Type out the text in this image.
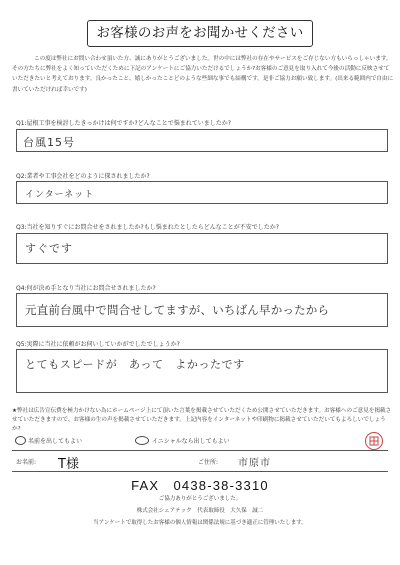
お客様のお声をお聞かせください
この度は弊社にお問い合わせ頂いた方、誠にありがとうございました。世の中には弊社の存在やサービスをご存じない方もいらっしゃいます。その方たちに弊社をよく知っていただくために下記のアンケートにご協力いただけるでしょうか?お客様のご意見を取り入れて今後の活動に反映させていただきたいと考えております。良かったこと、嬉しかったことどのような些細な事でも結構です。是非ご協力お願い致します。(出来る範囲内で自由に書いていただければ幸いです)
Q1:屋根工事を検討したきっかけは何ですか?どんなことで悩まれていましたか?
台風15号
Q2:業者や工事会社をどのように探されましたか?
インターネット
Q3:当社を知りすぐにお問合せをされましたか?もし悩まれたとしたらどんなことが不安でしたか?
すぐです
Q4:何が決め手となり当社にお問合せされましたか?
元直前台風中で問合せしてますが、いちばん早かったから
Q5:実際に当社に依頼がお伺いしていかがでしたでしょうか?
とてもスピードが　あって　よかったです
★弊社は広告宣伝費を極力かけない為にホームページ上にて頂いた言葉を掲載させていただくため公開させていただきます。お客様へのご意見を掲載させていただきますので、お客様の生の声を掲載させていただきます。上記内容をインターネットや印刷物に掲載させていただいてもよろしいでしょうか?
名前を出してもよい	イニシャルなら出してもよい
お名前: T様	ご住所: 市原市
FAX　0438-38-3310
ご協力ありがとうございました。
株式会社シェアテック　代表取締役　大久保　誠二
当アンケートで取得したお客様の個人情報は関係法規に基づき適正に管理いたします。
